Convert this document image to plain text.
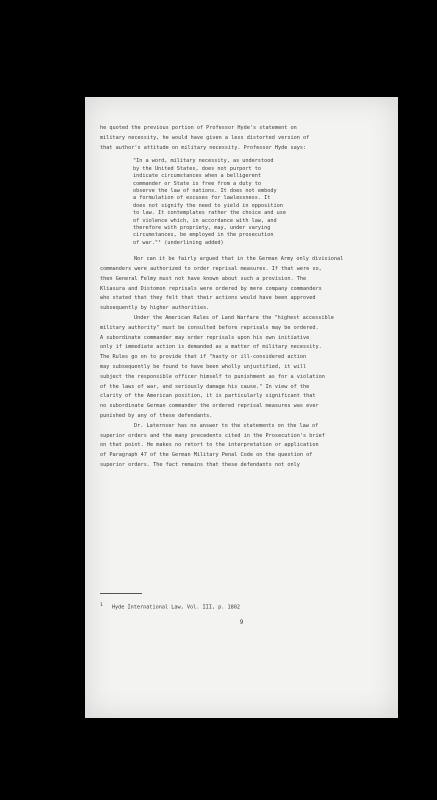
he quoted the previous portion of Professor Hyde's statement on
military necessity, he would have given a less distorted version of
that author's attitude on military necessity. Professor Hyde says:
"In a word, military necessity, as understood
by the United States, does not purport to
indicate circumstances when a belligerent
commander or State is free from a duty to
observe the law of nations. It does not embody
a formulation of excuses for lawlessness. It
does not signify the need to yield in opposition
to law. It contemplates rather the choice and use
of violence which, in accordance with law, and
therefore with propriety, may, under varying
circumstances, be employed in the prosecution
of war."¹ (underlining added)
Nor can it be fairly argued that in the German Army only divisional
commanders were authorized to order reprisal measures. If that were so,
then General Felmy must not have known about such a provision. The
Kliasura and Distomon reprisals were ordered by mere company commanders
who stated that they felt that their actions would have been approved
subsequently by higher authorities.
Under the American Rules of Land Warfare the "highest accessible
military authority" must be consulted before reprisals may be ordered.
A subordinate commander may order reprisals upon his own initiative
only if immediate action is demanded as a matter of military necessity.
The Rules go on to provide that if "hasty or ill-considered action
may subsequently be found to have been wholly unjustified, it will
subject the responsible officer himself to punishment as for a violation
of the laws of war, and seriously damage his cause." In view of the
clarity of the American position, it is particularly significant that
no subordinate German commander the ordered reprisal measures was ever
punished by any of these defendants.
Dr. Laternser has no answer to the statements on the law of
superior orders and the many precedents cited in the Prosecution's brief
on that point. He makes no retort to the interpretation or application
of Paragraph 47 of the German Military Penal Code on the question of
superior orders. The fact remains that these defendants not only
1 Hyde International Law, Vol. III, p. 1802
9
